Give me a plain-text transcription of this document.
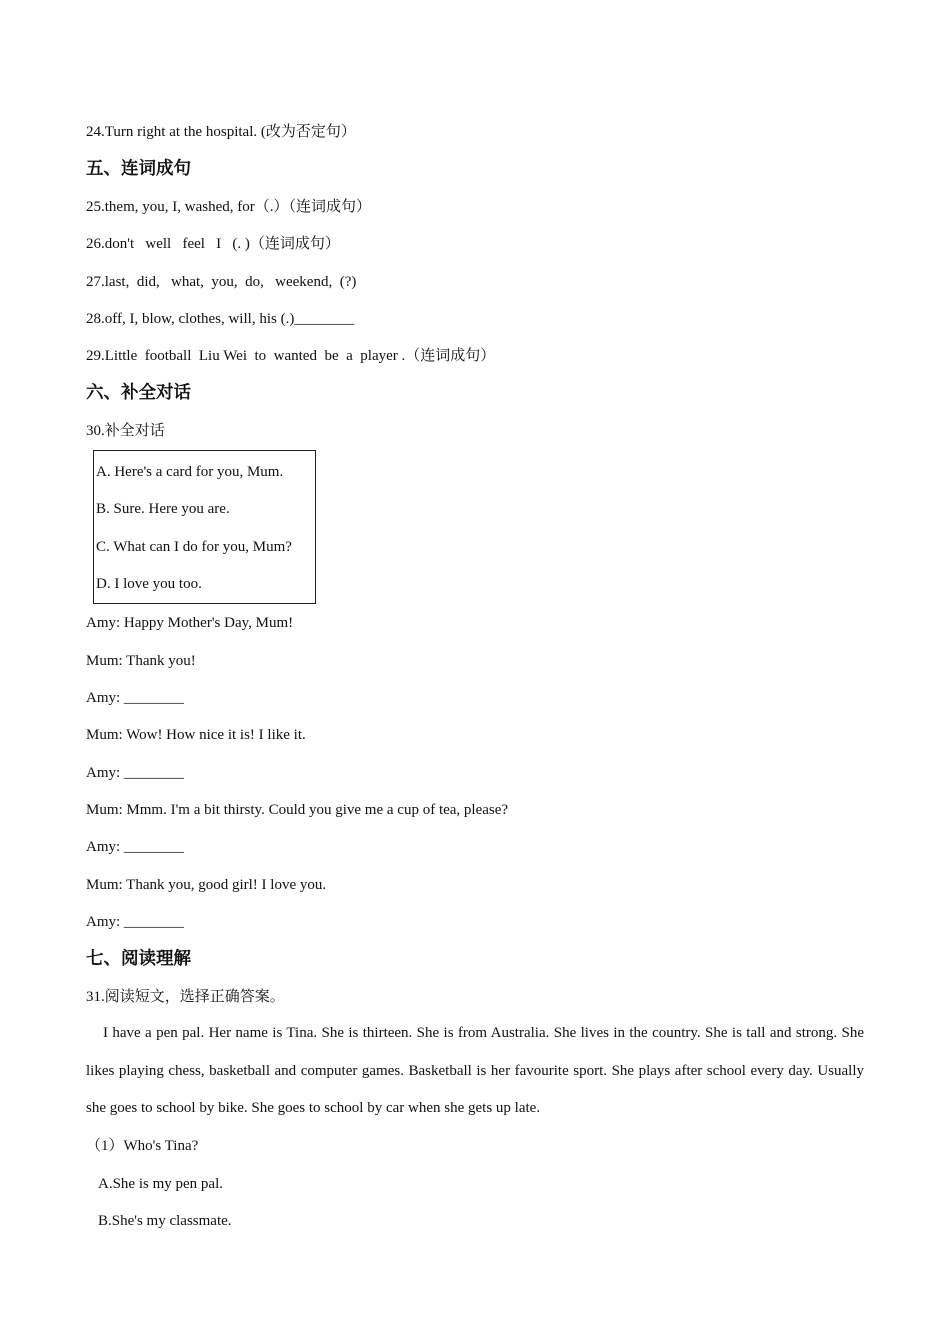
24.Turn right at the hospital. (改为否定句）
五、连词成句
25.them, you, I, washed, for（.）（连词成句）
26.don't   well   feel   I   (. )（连词成句）
27.last,  did,   what,  you,  do,   weekend,  (?)
28.off, I, blow, clothes, will, his (.)________
29.Little  football  Liu Wei  to  wanted  be  a  player .（连词成句）
六、补全对话
30.补全对话
A. Here's a card for you, Mum.
B. Sure. Here you are.
C. What can I do for you, Mum?
D. I love you too.
Amy: Happy Mother's Day, Mum!
Mum: Thank you!
Amy: ________
Mum: Wow! How nice it is! I like it.
Amy: ________
Mum: Mmm. I'm a bit thirsty. Could you give me a cup of tea, please?
Amy: ________
Mum: Thank you, good girl! I love you.
Amy: ________
七、阅读理解
31.阅读短文，选择正确答案。
I have a pen pal. Her name is Tina. She is thirteen. She is from Australia. She lives in the country. She is tall and strong. She likes playing chess, basketball and computer games. Basketball is her favourite sport. She plays after school every day. Usually she goes to school by bike. She goes to school by car when she gets up late.
（1）Who's Tina?
A.She is my pen pal.
B.She's my classmate.
